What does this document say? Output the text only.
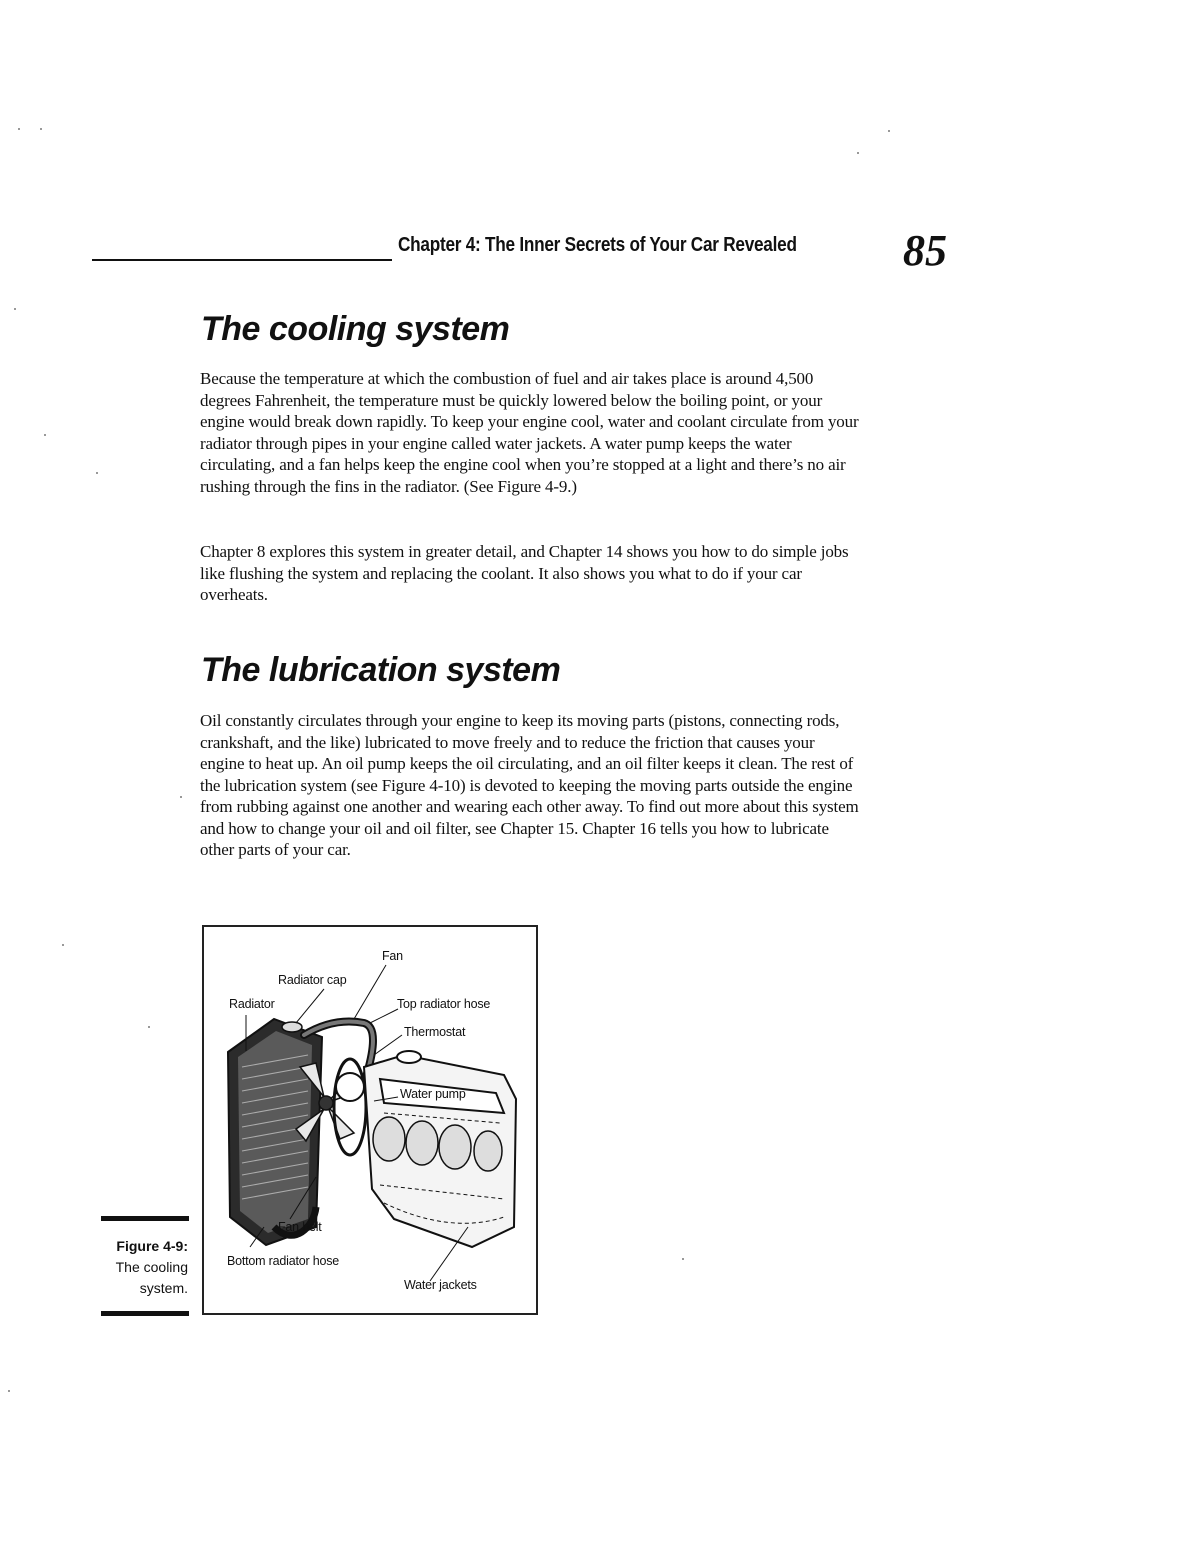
Chapter 4: The Inner Secrets of Your Car Revealed 85
The cooling system

Because the temperature at which the combustion of fuel and air takes place is around 4,500 degrees Fahrenheit, the temperature must be quickly lowered below the boiling point, or your engine would break down rapidly. To keep your engine cool, water and coolant circulate from your radiator through pipes in your engine called water jackets. A water pump keeps the water circulating, and a fan helps keep the engine cool when you’re stopped at a light and there’s no air rushing through the fins in the radiator. (See Figure 4-9.)

Chapter 8 explores this system in greater detail, and Chapter 14 shows you how to do simple jobs like flushing the system and replacing the coolant. It also shows you what to do if your car overheats.

The lubrication system

Oil constantly circulates through your engine to keep its moving parts (pistons, connecting rods, crankshaft, and the like) lubricated to move freely and to reduce the friction that causes your engine to heat up. An oil pump keeps the oil circulating, and an oil filter keeps it clean. The rest of the lubrication system (see Figure 4-10) is devoted to keeping the moving parts outside the engine from rubbing against one another and wearing each other away. To find out more about this system and how to change your oil and oil filter, see Chapter 15. Chapter 16 tells you how to lubricate other parts of your car.

Fan
Radiator cap
Radiator	Top radiator hose
Thermostat
Water pump
Fan belt
Bottom radiator hose
Water jackets
Figure 4-9:
The cooling system.
